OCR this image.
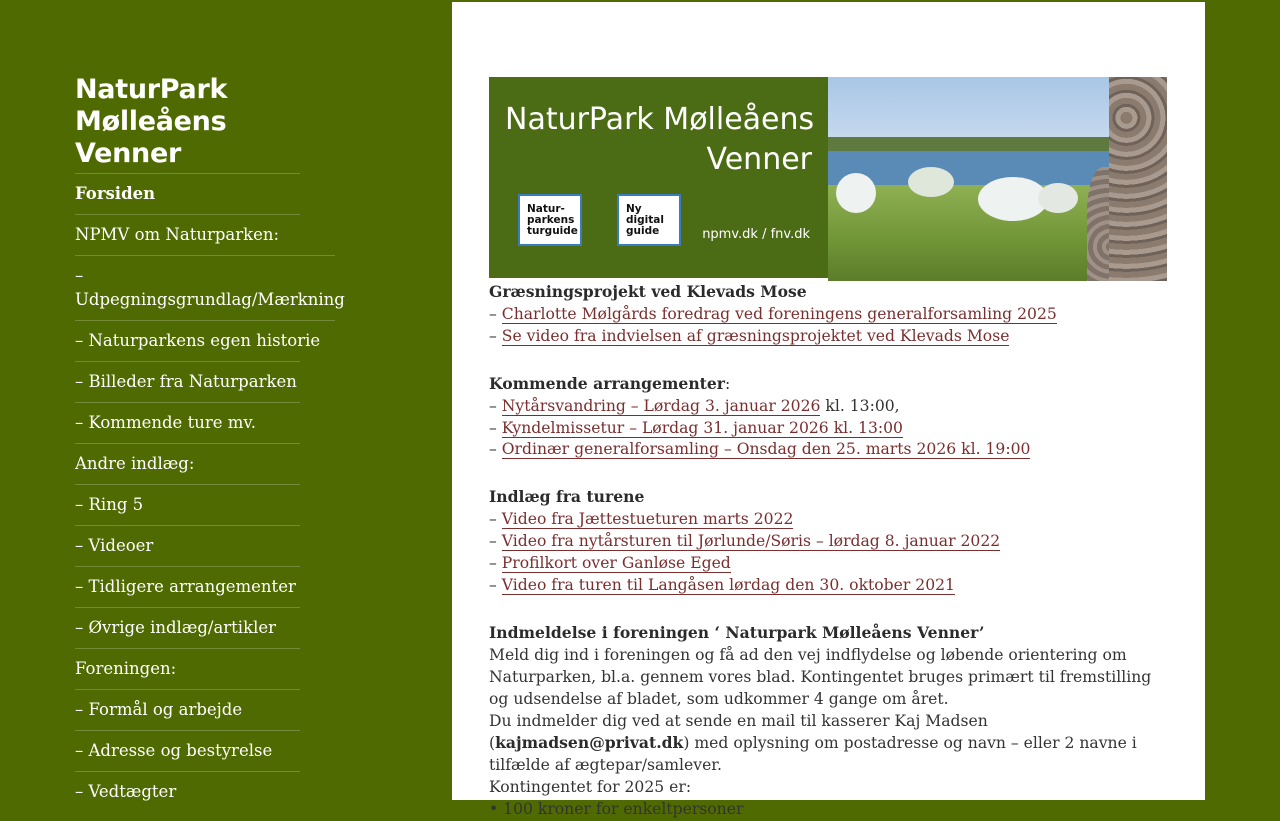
NaturPark
Mølleåens
Venner
Forsiden
NPMV om Naturparken:
– Udpegningsgrundlag/Mærkning
– Naturparkens egen historie
– Billeder fra Naturparken
– Kommende ture mv.
Andre indlæg:
– Ring 5
– Videoer
– Tidligere arrangementer
– Øvrige indlæg/artikler
Foreningen:
– Formål og arbejde
– Adresse og bestyrelse
– Vedtægter
NaturPark Mølleåens
Venner
Natur-
parkens
turguide
Ny
digital
guide	npmv.dk / fnv.dk

Græsningsprojekt ved Klevads Mose

– Charlotte Mølgårds foredrag ved foreningens generalforsamling 2025

– Se video fra indvielsen af græsningsprojektet ved Klevads Mose

Kommende arrangementer:

– Nytårsvandring – Lørdag 3. januar 2026 kl. 13:00,

– Kyndelmissetur – Lørdag 31. januar 2026 kl. 13:00

– Ordinær generalforsamling – Onsdag den 25. marts 2026 kl. 19:00

Indlæg fra turene

– Video fra Jættestueturen marts 2022

– Video fra nytårsturen til Jørlunde/Søris – lørdag 8. januar 2022

– Profilkort over Ganløse Eged

– Video fra turen til Langåsen lørdag den 30. oktober 2021

Indmeldelse i foreningen ‘ Naturpark Mølleåens Venner’

Meld dig ind i foreningen og få ad den vej indflydelse og løbende orientering om Naturparken, bl.a. gennem vores blad. Kontingentet bruges primært til fremstilling og udsendelse af bladet, som udkommer 4 gange om året.

Du indmelder dig ved at sende en mail til kasserer Kaj Madsen (kajmadsen@privat.dk) med oplysning om postadresse og navn – eller 2 navne i tilfælde af ægtepar/samlever.

Kontingentet for 2025 er:

• 100 kroner for enkeltpersoner
